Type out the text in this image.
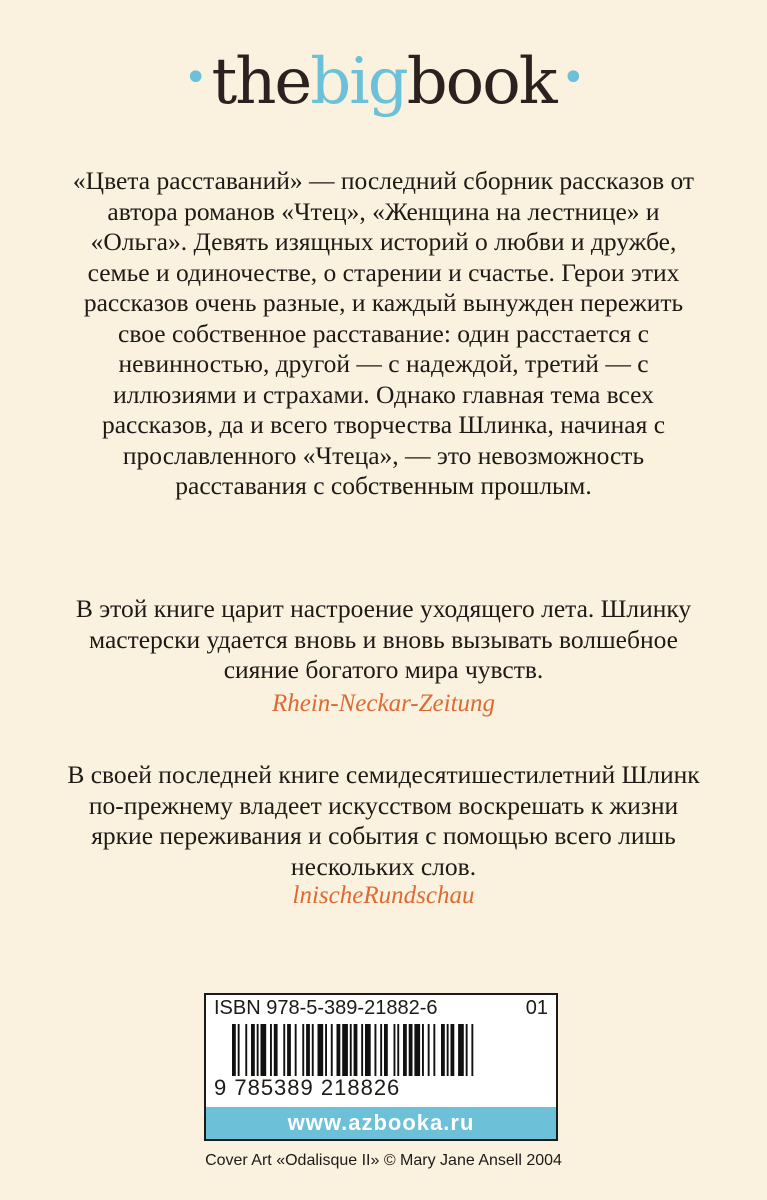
•thebigbook •

«Цвета расставаний» — последний сборник рассказов от автора романов «Чтец», «Женщина на лестнице» и «Ольга». Девять изящных историй о любви и дружбе, семье и одиночестве, о старении и счастье. Герои этих рассказов очень разные, и каждый вынужден пережить свое собственное расставание: один расстается с невинностью, другой — с надеждой, третий — с иллюзиями и страхами. Однако главная тема всех рассказов, да и всего творчества Шлинка, начиная с прославленного «Чтеца», — это невозможность расставания с собственным прошлым.

В этой книге царит настроение уходящего лета. Шлинку мастерски удается вновь и вновь вызывать волшебное сияние богатого мира чувств.

Rhein-Neckar-Zeitung

В своей последней книге семидесятишестилетний Шлинк по-прежнему владеет искусством воскрешать к жизни яркие переживания и события с помощью всего лишь нескольких слов.

lnischeRundschau

ISBN 978-5-389-21882-6	01
9 785389 218826
www.azbooka.ru

Cover Art «Odalisque II» © Mary Jane Ansell 2004
